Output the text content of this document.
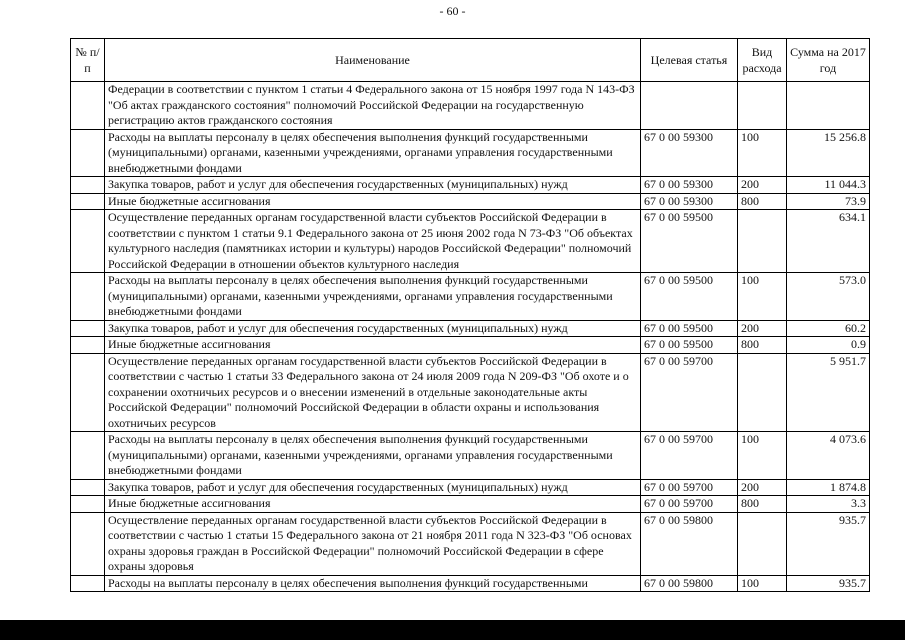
- 60 -
№ п/п	Наименование	Целевая статья	Вид расхода	Сумма на 2017 год
	Федерации в соответствии с пунктом 1 статьи 4 Федерального закона от 15 ноября 1997 года N 143-ФЗ "Об актах гражданского состояния" полномочий Российской Федерации на государственную регистрацию актов гражданского состояния			
	Расходы на выплаты персоналу в целях обеспечения выполнения функций государственными (муниципальными) органами, казенными учреждениями, органами управления государственными внебюджетными фондами	67 0 00 59300	100	15 256.8
	Закупка товаров, работ и услуг для обеспечения государственных (муниципальных) нужд	67 0 00 59300	200	11 044.3
	Иные бюджетные ассигнования	67 0 00 59300	800	73.9
	Осуществление переданных органам государственной власти субъектов Российской Федерации в соответствии с пунктом 1 статьи 9.1 Федерального закона от 25 июня 2002 года N 73-ФЗ "Об объектах культурного наследия (памятниках истории и культуры) народов Российской Федерации" полномочий Российской Федерации в отношении объектов культурного наследия	67 0 00 59500		634.1
	Расходы на выплаты персоналу в целях обеспечения выполнения функций государственными (муниципальными) органами, казенными учреждениями, органами управления государственными внебюджетными фондами	67 0 00 59500	100	573.0
	Закупка товаров, работ и услуг для обеспечения государственных (муниципальных) нужд	67 0 00 59500	200	60.2
	Иные бюджетные ассигнования	67 0 00 59500	800	0.9
	Осуществление переданных органам государственной власти субъектов Российской Федерации в соответствии с частью 1 статьи 33 Федерального закона от 24 июля 2009 года N 209-ФЗ "Об охоте и о сохранении охотничьих ресурсов и о внесении изменений в отдельные законодательные акты Российской Федерации" полномочий Российской Федерации в области охраны и использования охотничьих ресурсов	67 0 00 59700		5 951.7
	Расходы на выплаты персоналу в целях обеспечения выполнения функций государственными (муниципальными) органами, казенными учреждениями, органами управления государственными внебюджетными фондами	67 0 00 59700	100	4 073.6
	Закупка товаров, работ и услуг для обеспечения государственных (муниципальных) нужд	67 0 00 59700	200	1 874.8
	Иные бюджетные ассигнования	67 0 00 59700	800	3.3
	Осуществление переданных органам государственной власти субъектов Российской Федерации в соответствии с частью 1 статьи 15 Федерального закона от 21 ноября 2011 года N 323-ФЗ "Об основах охраны здоровья граждан в Российской Федерации" полномочий Российской Федерации в сфере охраны здоровья	67 0 00 59800		935.7
	Расходы на выплаты персоналу в целях обеспечения выполнения функций государственными	67 0 00 59800	100	935.7
